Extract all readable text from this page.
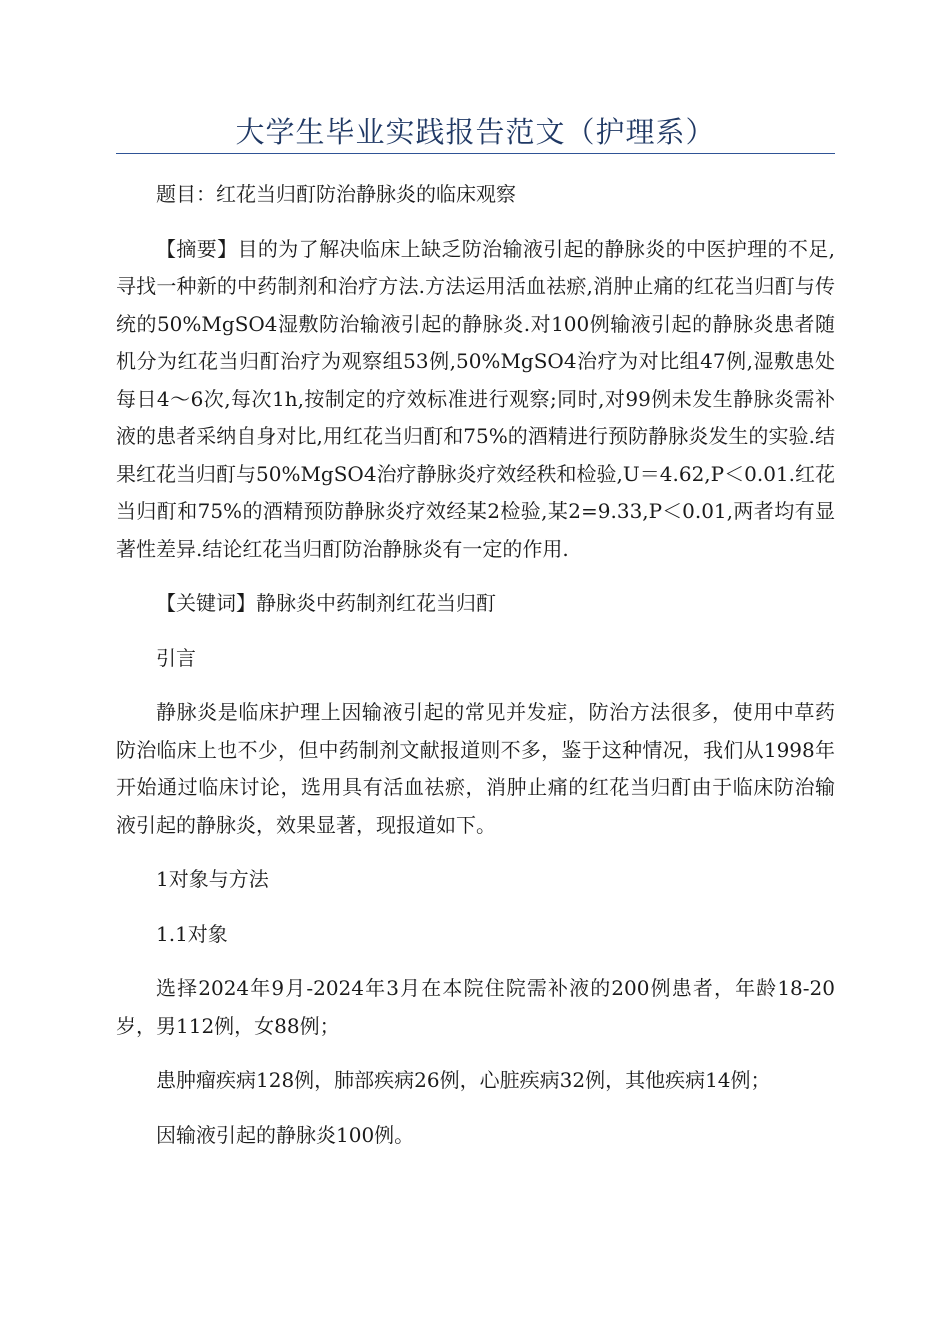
大学生毕业实践报告范文（护理系）

题目：红花当归酊防治静脉炎的临床观察

【摘要】目的为了解决临床上缺乏防治输液引起的静脉炎的中医护理的不足,寻找一种新的中药制剂和治疗方法.方法运用活血祛瘀,消肿止痛的红花当归酊与传统的50%MgSO4湿敷防治输液引起的静脉炎.对100例输液引起的静脉炎患者随机分为红花当归酊治疗为观察组53例,50%MgSO4治疗为对比组47例,湿敷患处每日4～6次,每次1h,按制定的疗效标准进行观察;同时,对99例未发生静脉炎需补液的患者采纳自身对比,用红花当归酊和75%的酒精进行预防静脉炎发生的实验.结果红花当归酊与50%MgSO4治疗静脉炎疗效经秩和检验,U＝4.62,P＜0.01.红花当归酊和75%的酒精预防静脉炎疗效经某2检验,某2=9.33,P＜0.01,两者均有显著性差异.结论红花当归酊防治静脉炎有一定的作用.

【关键词】静脉炎中药制剂红花当归酊

引言

静脉炎是临床护理上因输液引起的常见并发症，防治方法很多，使用中草药防治临床上也不少，但中药制剂文献报道则不多，鉴于这种情况，我们从1998年开始通过临床讨论，选用具有活血祛瘀，消肿止痛的红花当归酊由于临床防治输液引起的静脉炎，效果显著，现报道如下。

1对象与方法

1.1对象

选择2024年9月-2024年3月在本院住院需补液的200例患者，年龄18-20岁，男112例，女88例；

患肿瘤疾病128例，肺部疾病26例，心脏疾病32例，其他疾病14例；

因输液引起的静脉炎100例。
